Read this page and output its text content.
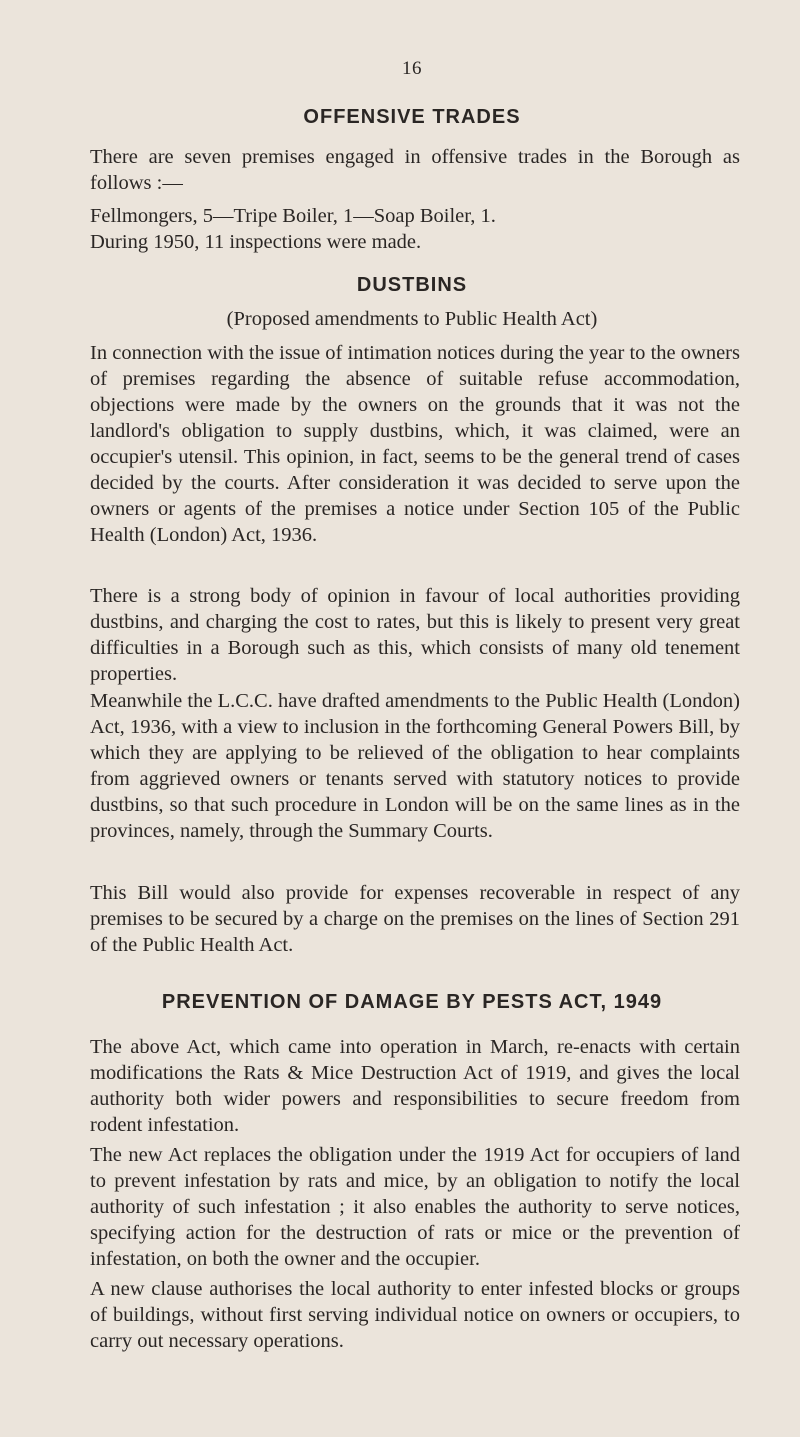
16
OFFENSIVE TRADES

There are seven premises engaged in offensive trades in the Borough as follows :—

Fellmongers, 5—Tripe Boiler, 1—Soap Boiler, 1.

During 1950, 11 inspections were made.

DUSTBINS
(Proposed amendments to Public Health Act)

In connection with the issue of intimation notices during the year to the owners of premises regarding the absence of suitable refuse accommodation, objections were made by the owners on the grounds that it was not the landlord's obligation to supply dustbins, which, it was claimed, were an occupier's utensil. This opinion, in fact, seems to be the general trend of cases decided by the courts. After consideration it was decided to serve upon the owners or agents of the premises a notice under Section 105 of the Public Health (London) Act, 1936.

There is a strong body of opinion in favour of local authorities providing dustbins, and charging the cost to rates, but this is likely to present very great difficulties in a Borough such as this, which consists of many old tenement properties.

Meanwhile the L.C.C. have drafted amendments to the Public Health (London) Act, 1936, with a view to inclusion in the forthcoming General Powers Bill, by which they are applying to be relieved of the obligation to hear complaints from aggrieved owners or tenants served with statutory notices to provide dustbins, so that such procedure in London will be on the same lines as in the provinces, namely, through the Summary Courts.

This Bill would also provide for expenses recoverable in respect of any premises to be secured by a charge on the premises on the lines of Section 291 of the Public Health Act.

PREVENTION OF DAMAGE BY PESTS ACT, 1949

The above Act, which came into operation in March, re-enacts with certain modifications the Rats & Mice Destruction Act of 1919, and gives the local authority both wider powers and responsibilities to secure freedom from rodent infestation.

The new Act replaces the obligation under the 1919 Act for occupiers of land to prevent infestation by rats and mice, by an obligation to notify the local authority of such infestation ; it also enables the authority to serve notices, specifying action for the destruction of rats or mice or the prevention of infestation, on both the owner and the occupier.

A new clause authorises the local authority to enter infested blocks or groups of buildings, without first serving individual notice on owners or occupiers, to carry out necessary operations.
